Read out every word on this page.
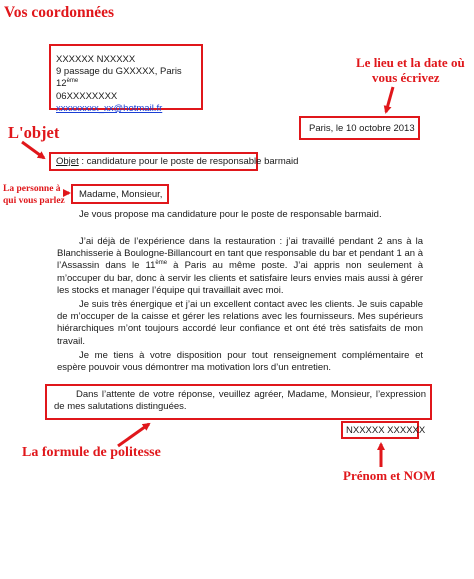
Vos coordonnées
Le lieu et la date où
vous écrivez
L'objet
La personne à
qui vous parlez
La formule de politesse
Prénom et NOM
XXXXXX NXXXXX
9 passage du GXXXXX, Paris 12ème
06XXXXXXXX
xxxxxxxxx_xx@hotmail.fr
Paris, le 10 octobre 2013
Objet : candidature pour le poste de responsable barmaid
Madame, Monsieur,
Je vous propose ma candidature pour le poste de responsable barmaid.
J’ai déjà de l’expérience dans la restauration : j’ai travaillé pendant 2 ans à la Blanchisserie à Boulogne-Billancourt en tant que responsable du bar et pendant 1 an à l’Assassin dans le 11ème à Paris au même poste. J’ai appris non seulement à m’occuper du bar, donc à servir les clients et satisfaire leurs envies mais aussi à gérer les stocks et manager l’équipe qui travaillait avec moi.
Je suis très énergique et j’ai un excellent contact avec les clients. Je suis capable de m’occuper de la caisse et gérer les relations avec les fournisseurs. Mes supérieurs hiérarchiques m’ont toujours accordé leur confiance et ont été très satisfaits de mon travail.
Je me tiens à votre disposition pour tout renseignement complémentaire et espère pouvoir vous démontrer ma motivation lors d’un entretien.
Dans l’attente de votre réponse, veuillez agréer, Madame, Monsieur, l’expression de mes salutations distinguées.
NXXXXX XXXXXX
